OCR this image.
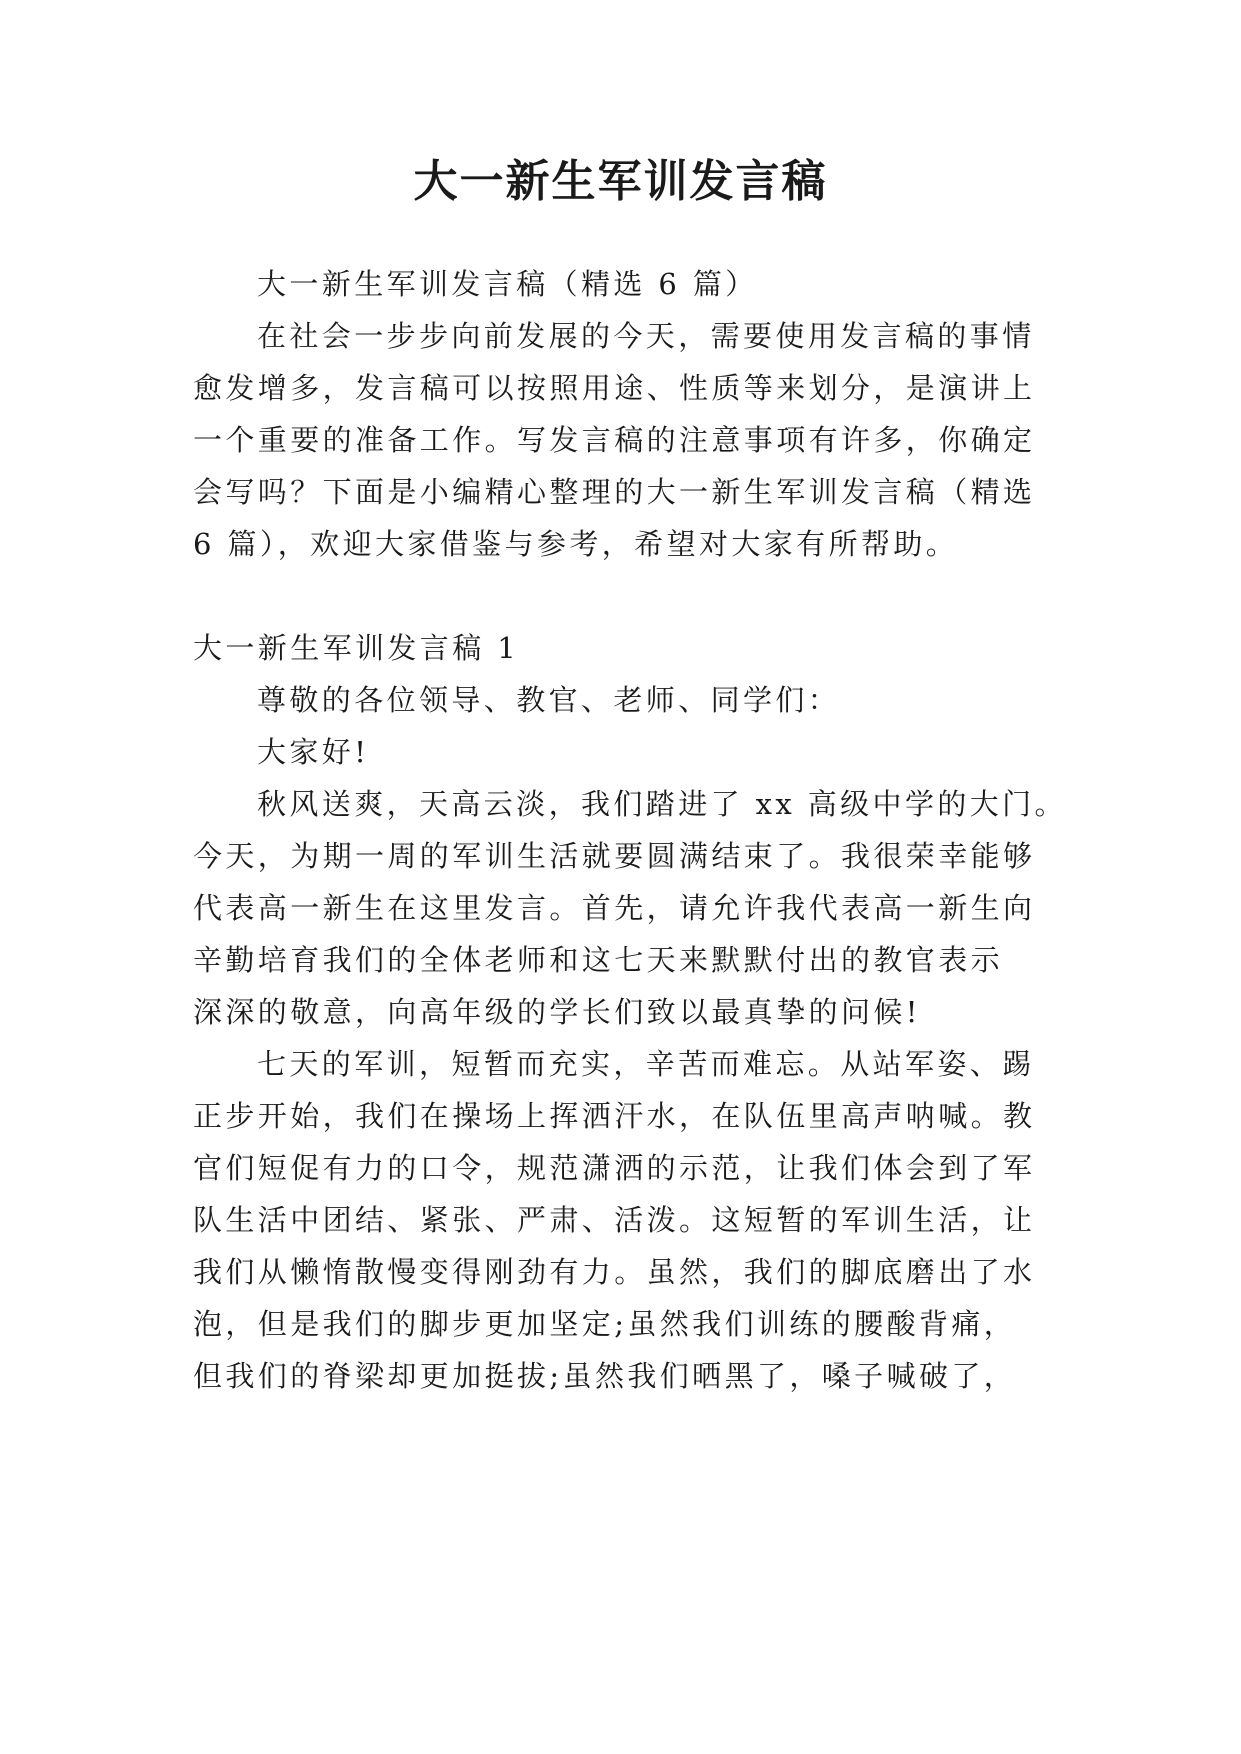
大一新生军训发言稿

大一新生军训发言稿（精选 6 篇）

在社会一步步向前发展的今天，需要使用发言稿的事情

愈发增多，发言稿可以按照用途、性质等来划分，是演讲上

一个重要的准备工作。写发言稿的注意事项有许多，你确定

会写吗？下面是小编精心整理的大一新生军训发言稿（精选

6 篇），欢迎大家借鉴与参考，希望对大家有所帮助。

大一新生军训发言稿 1

尊敬的各位领导、教官、老师、同学们：

大家好!

秋风送爽，天高云淡，我们踏进了 xx 高级中学的大门。

今天，为期一周的军训生活就要圆满结束了。我很荣幸能够

代表高一新生在这里发言。首先，请允许我代表高一新生向

辛勤培育我们的全体老师和这七天来默默付出的教官表示

深深的敬意，向高年级的学长们致以最真挚的问候!

七天的军训，短暂而充实，辛苦而难忘。从站军姿、踢

正步开始，我们在操场上挥洒汗水，在队伍里高声呐喊。教

官们短促有力的口令，规范潇洒的示范，让我们体会到了军

队生活中团结、紧张、严肃、活泼。这短暂的军训生活，让

我们从懒惰散慢变得刚劲有力。虽然，我们的脚底磨出了水

泡，但是我们的脚步更加坚定;虽然我们训练的腰酸背痛，

但我们的脊梁却更加挺拔;虽然我们晒黑了，嗓子喊破了，
